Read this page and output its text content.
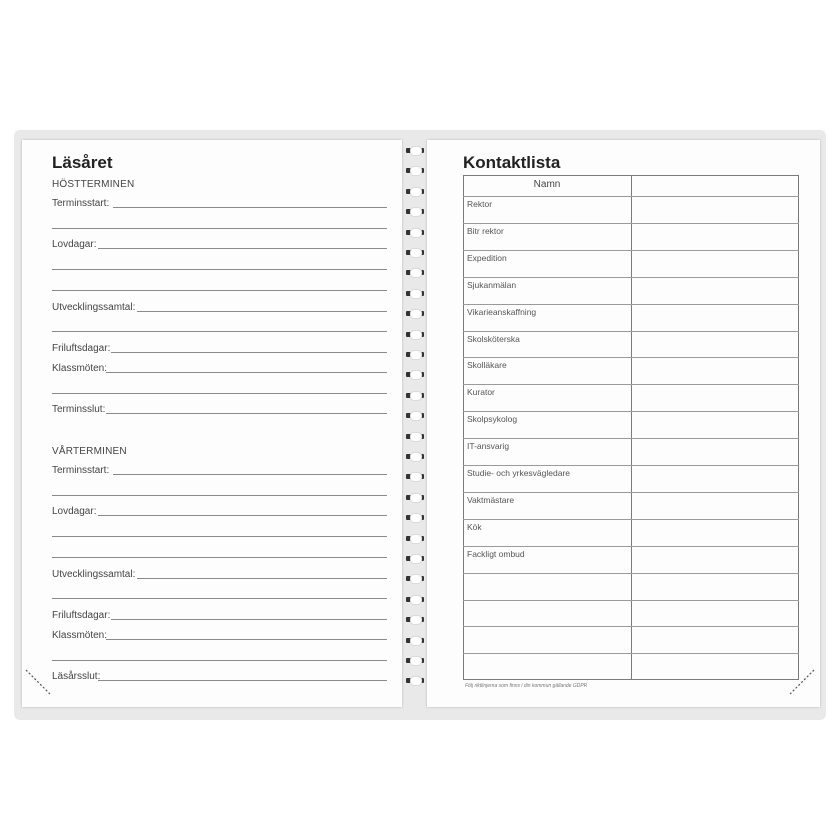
Läsåret
HÖSTTERMINEN
Terminsstart:
Lovdagar:
Utvecklingssamtal:
Friluftsdagar:
Klassmöten:
Terminsslut:
VÅRTERMINEN
Terminsstart:
Lovdagar:
Utvecklingssamtal:
Friluftsdagar:
Klassmöten:
Läsårsslut:
Kontaktlista
Namn
Rektor
Bitr rektor
Expedition
Sjukanmälan
Vikarieanskaffning
Skolsköterska
Skolläkare
Kurator
Skolpsykolog
IT-ansvarig
Studie- och yrkesvägledare
Vaktmästare
Kök
Fackligt ombud
Följ riktlinjerna som finns i din kommun gällande GDPR
